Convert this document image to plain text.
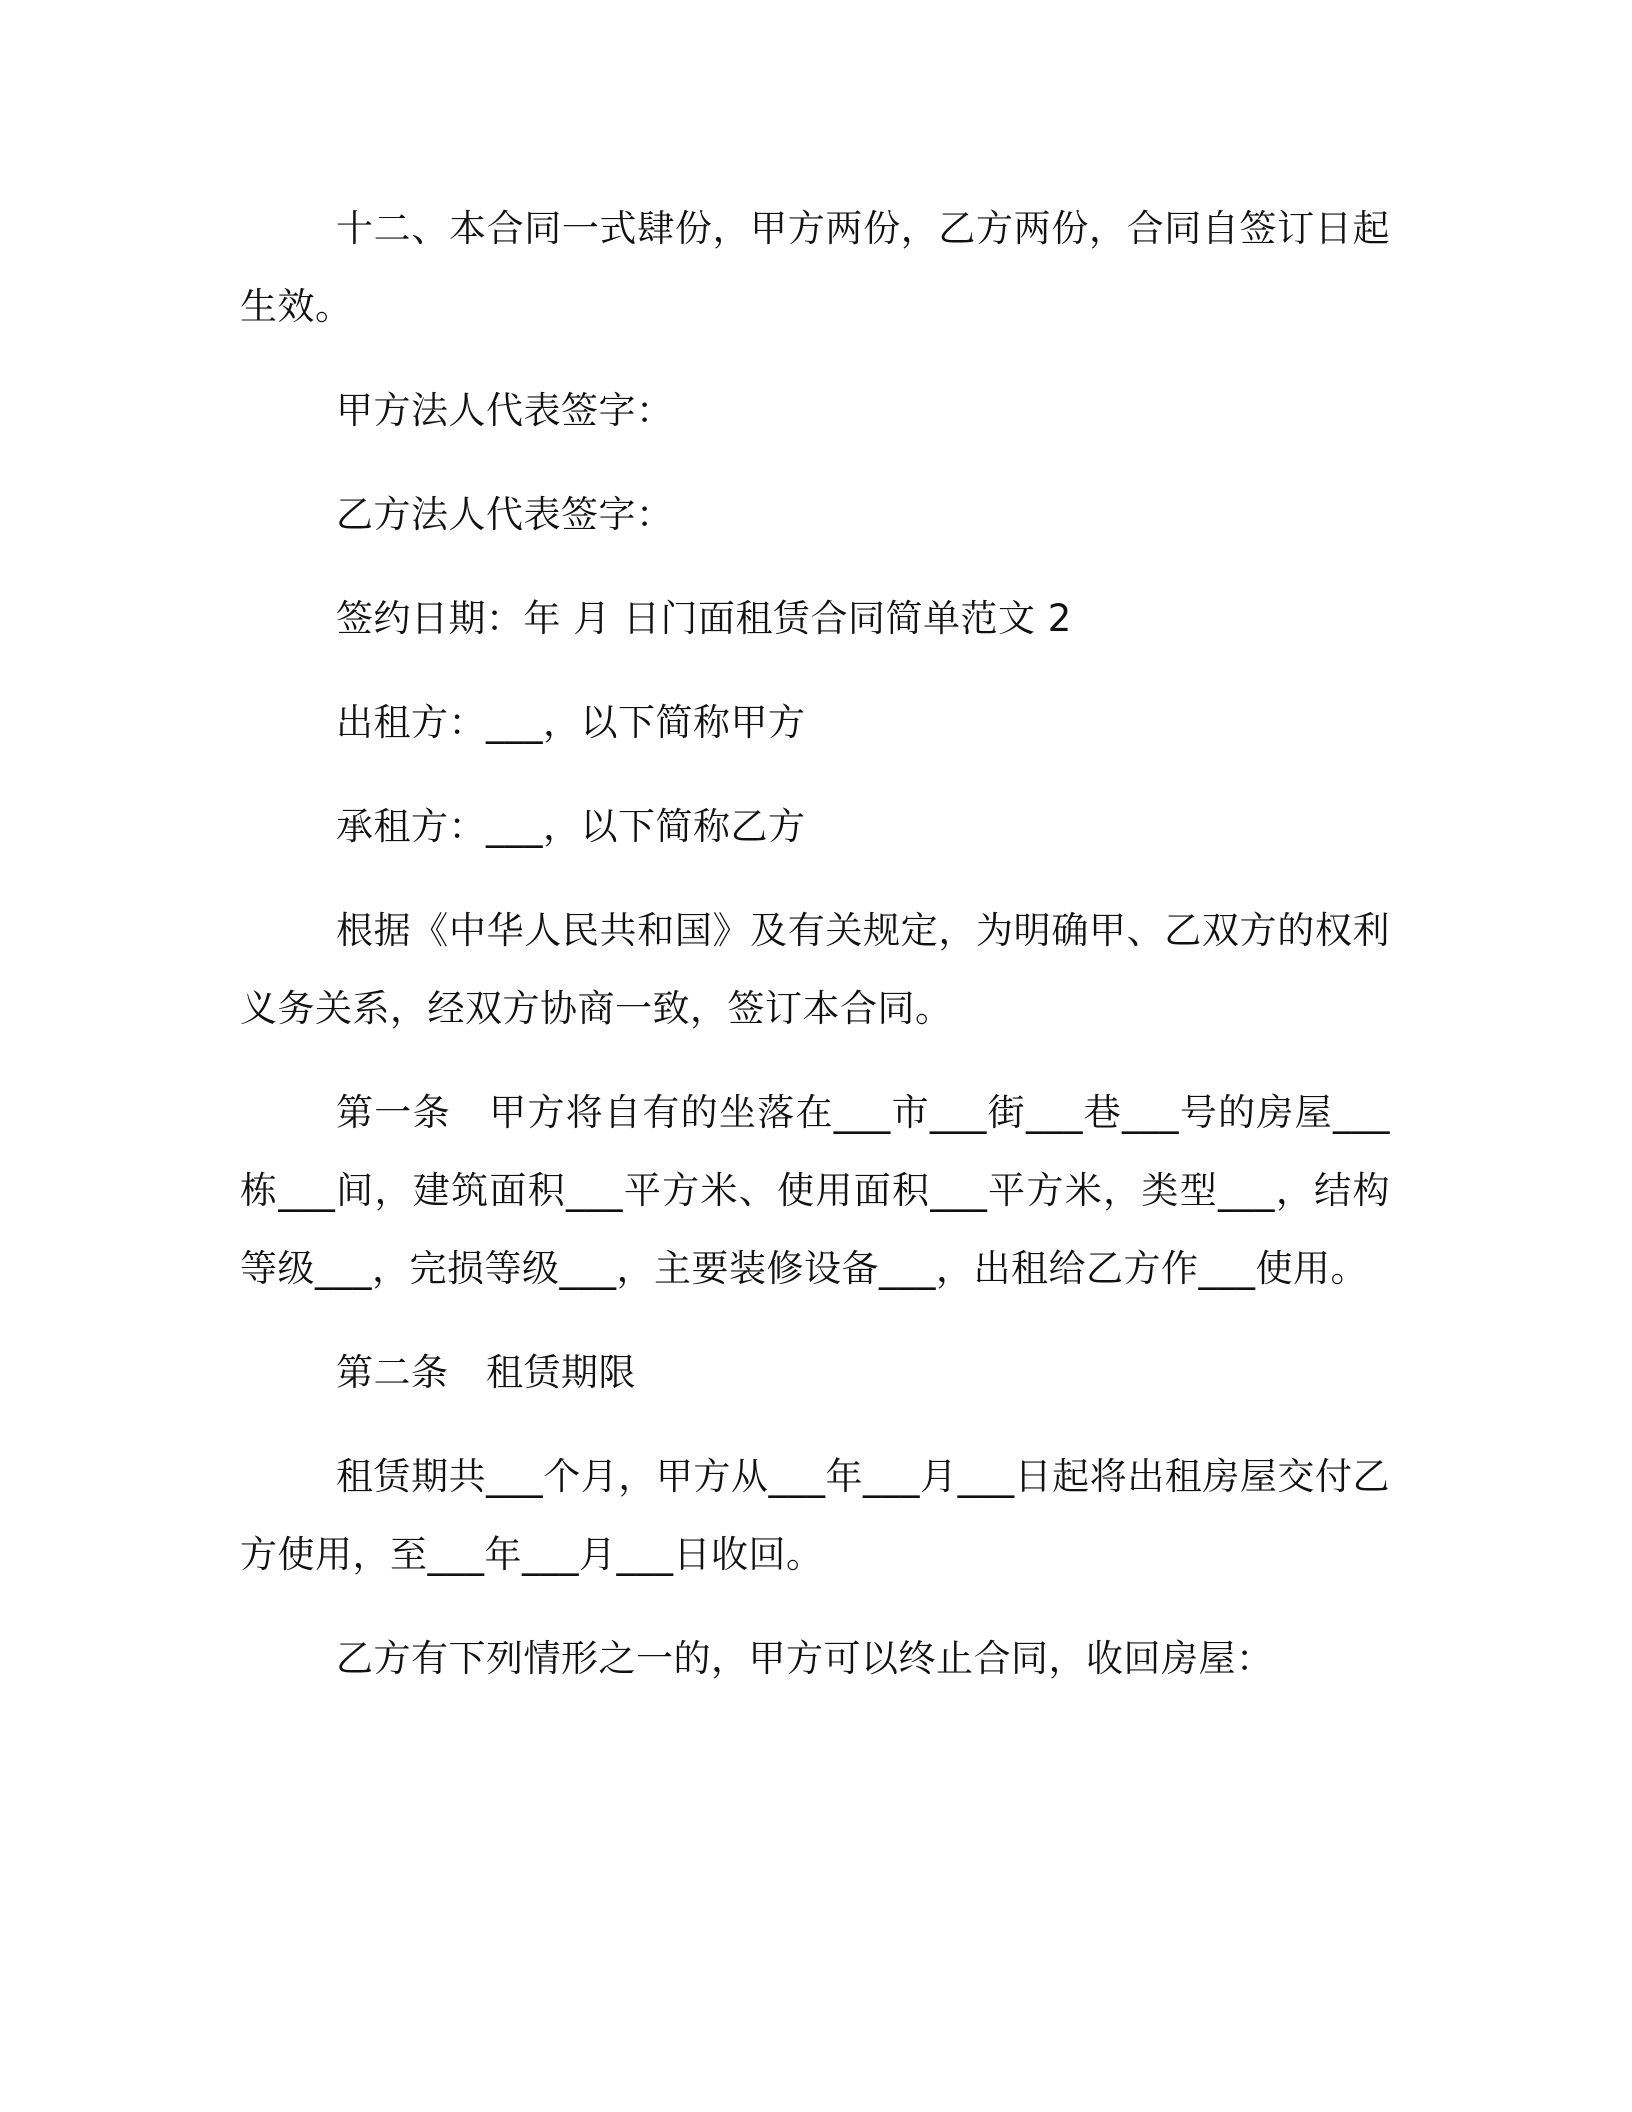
十二、本合同一式肆份，甲方两份，乙方两份，合同自签订日起生效。

甲方法人代表签字：

乙方法人代表签字：

签约日期：年 月 日门面租赁合同简单范文 2

出租方：___，以下简称甲方

承租方：___，以下简称乙方

根据《中华人民共和国》及有关规定，为明确甲、乙双方的权利义务关系，经双方协商一致，签订本合同。

第一条　甲方将自有的坐落在___市___街___巷___号的房屋___栋___间，建筑面积___平方米、使用面积___平方米，类型___，结构等级___，完损等级___，主要装修设备___，出租给乙方作___使用。

第二条　租赁期限

租赁期共___个月，甲方从___年___月___日起将出租房屋交付乙方使用，至___年___月___日收回。

乙方有下列情形之一的，甲方可以终止合同，收回房屋：
